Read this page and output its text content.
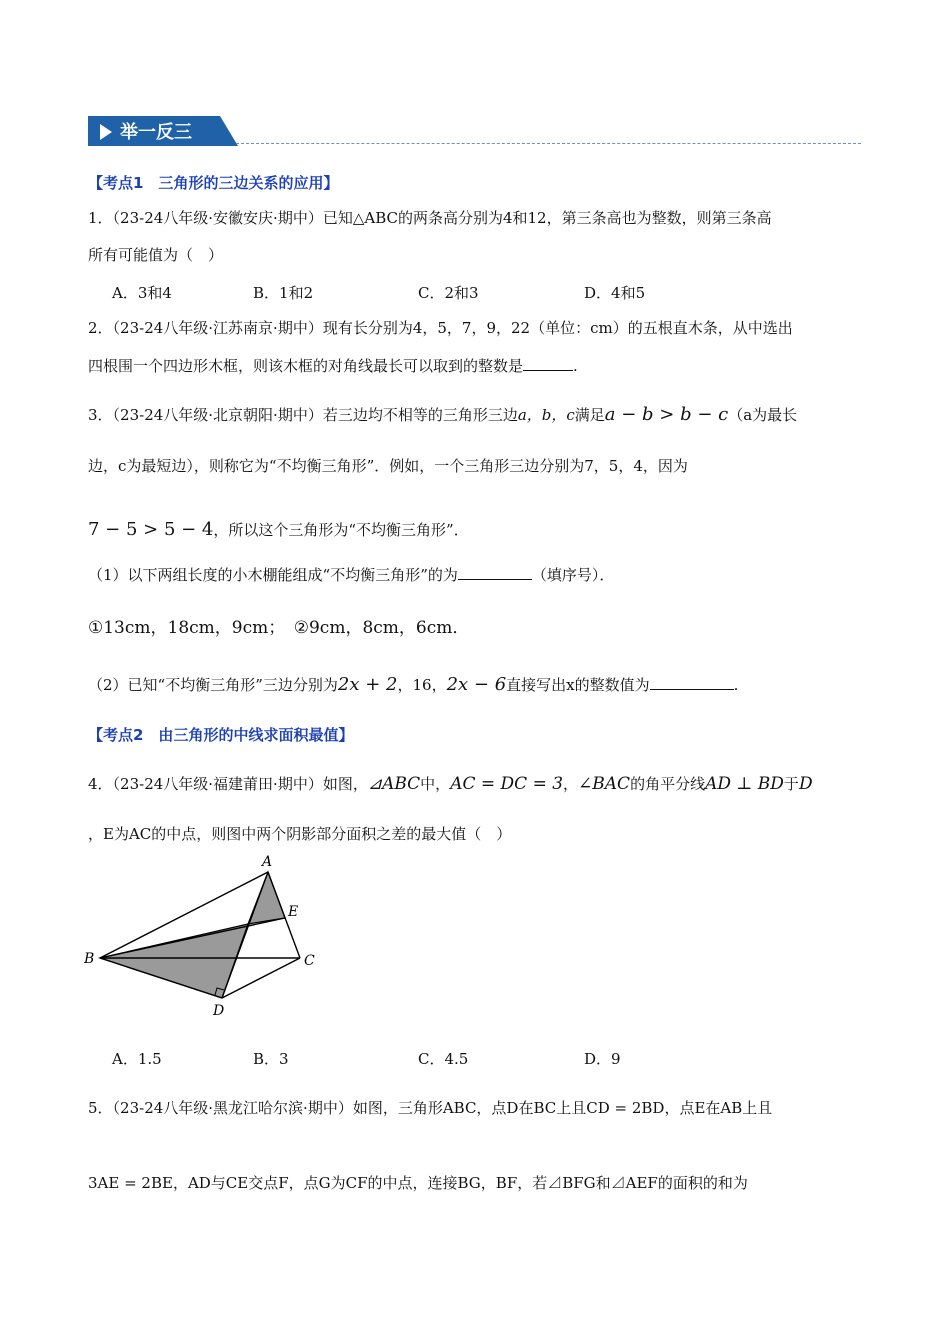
举一反三
【考点1　三角形的三边关系的应用】
1．（23-24八年级·安徽安庆·期中）已知△ABC的两条高分别为4和12，第三条高也为整数，则第三条高
所有可能值为（　）
A．3和4	B．1和2	C．2和3	D．4和5
2．（23-24八年级·江苏南京·期中）现有长分别为4，5，7，9，22（单位：cm）的五根直木条，从中选出
四根围一个四边形木框，则该木框的对角线最长可以取到的整数是	.
3．（23-24八年级·北京朝阳·期中）若三边均不相等的三角形三边a，b，c满足a − b > b − c（a为最长
边，c为最短边），则称它为“不均衡三角形”．例如，一个三角形三边分别为7，5，4，因为
7 − 5 > 5 − 4，所以这个三角形为“不均衡三角形”．
（1）以下两组长度的小木棚能组成“不均衡三角形”的为	（填序号）．
①13cm，18cm，9cm；　②9cm，8cm，6cm．
（2）已知“不均衡三角形”三边分别为2x + 2，16，2x − 6直接写出x的整数值为	.
【考点2　由三角形的中线求面积最值】
4．（23-24八年级·福建莆田·期中）如图，⊿ABC中，AC = DC = 3，∠BAC的角平分线AD ⊥ BD于D
，E为AC的中点，则图中两个阴影部分面积之差的最大值（　）
A
B	C
D
E
A．1.5	B．3	C．4.5	D．9
5．（23-24八年级·黑龙江哈尔滨·期中）如图，三角形ABC，点D在BC上且CD = 2BD，点E在AB上且
3AE = 2BE，AD与CE交点F，点G为CF的中点，连接BG，BF，若⊿BFG和⊿AEF的面积的和为
